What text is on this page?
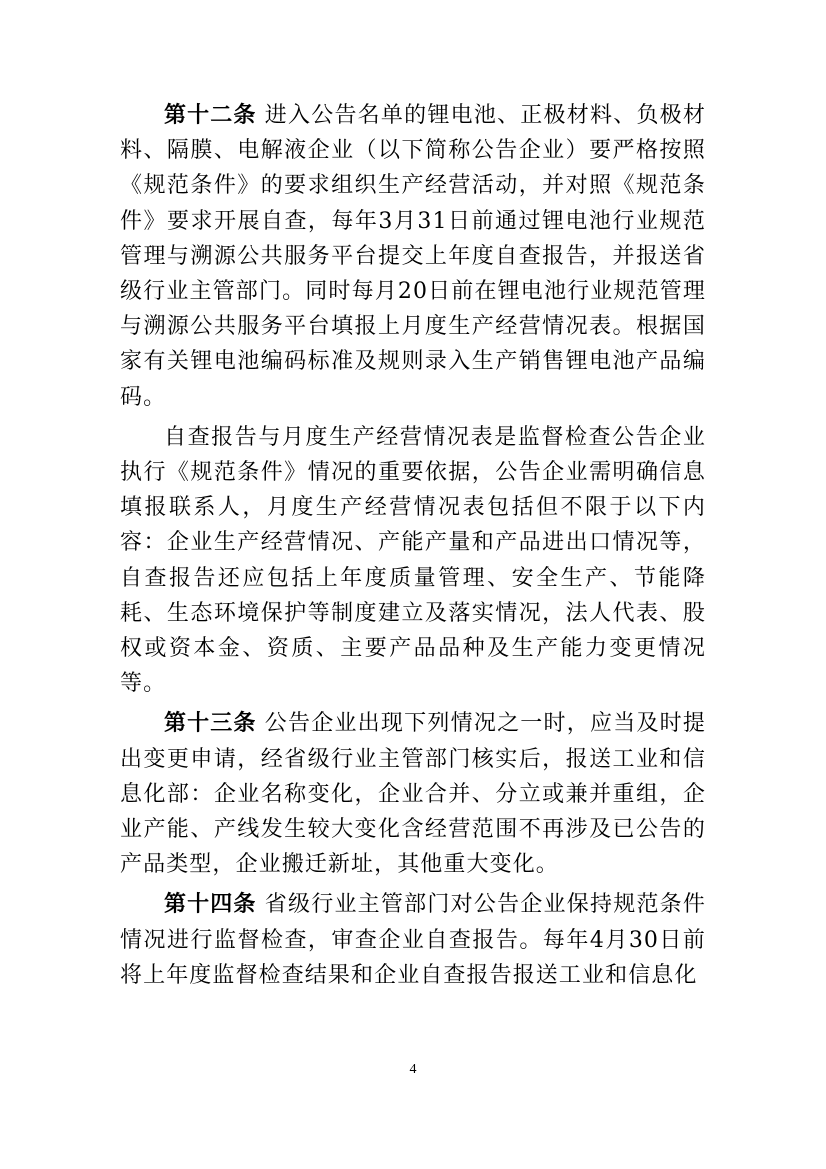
第十二条 进入公告名单的锂电池、正极材料、负极材料、隔膜、电解液企业（以下简称公告企业）要严格按照《规范条件》的要求组织生产经营活动，并对照《规范条件》要求开展自查，每年3月31日前通过锂电池行业规范管理与溯源公共服务平台提交上年度自查报告，并报送省级行业主管部门。同时每月20日前在锂电池行业规范管理与溯源公共服务平台填报上月度生产经营情况表。根据国家有关锂电池编码标准及规则录入生产销售锂电池产品编码。

自查报告与月度生产经营情况表是监督检查公告企业执行《规范条件》情况的重要依据，公告企业需明确信息填报联系人，月度生产经营情况表包括但不限于以下内容：企业生产经营情况、产能产量和产品进出口情况等，自查报告还应包括上年度质量管理、安全生产、节能降耗、生态环境保护等制度建立及落实情况，法人代表、股权或资本金、资质、主要产品品种及生产能力变更情况等。

第十三条 公告企业出现下列情况之一时，应当及时提出变更申请，经省级行业主管部门核实后，报送工业和信息化部：企业名称变化，企业合并、分立或兼并重组，企业产能、产线发生较大变化含经营范围不再涉及已公告的产品类型，企业搬迁新址，其他重大变化。

第十四条 省级行业主管部门对公告企业保持规范条件情况进行监督检查，审查企业自查报告。每年4月30日前将上年度监督检查结果和企业自查报告报送工业和信息化

4
